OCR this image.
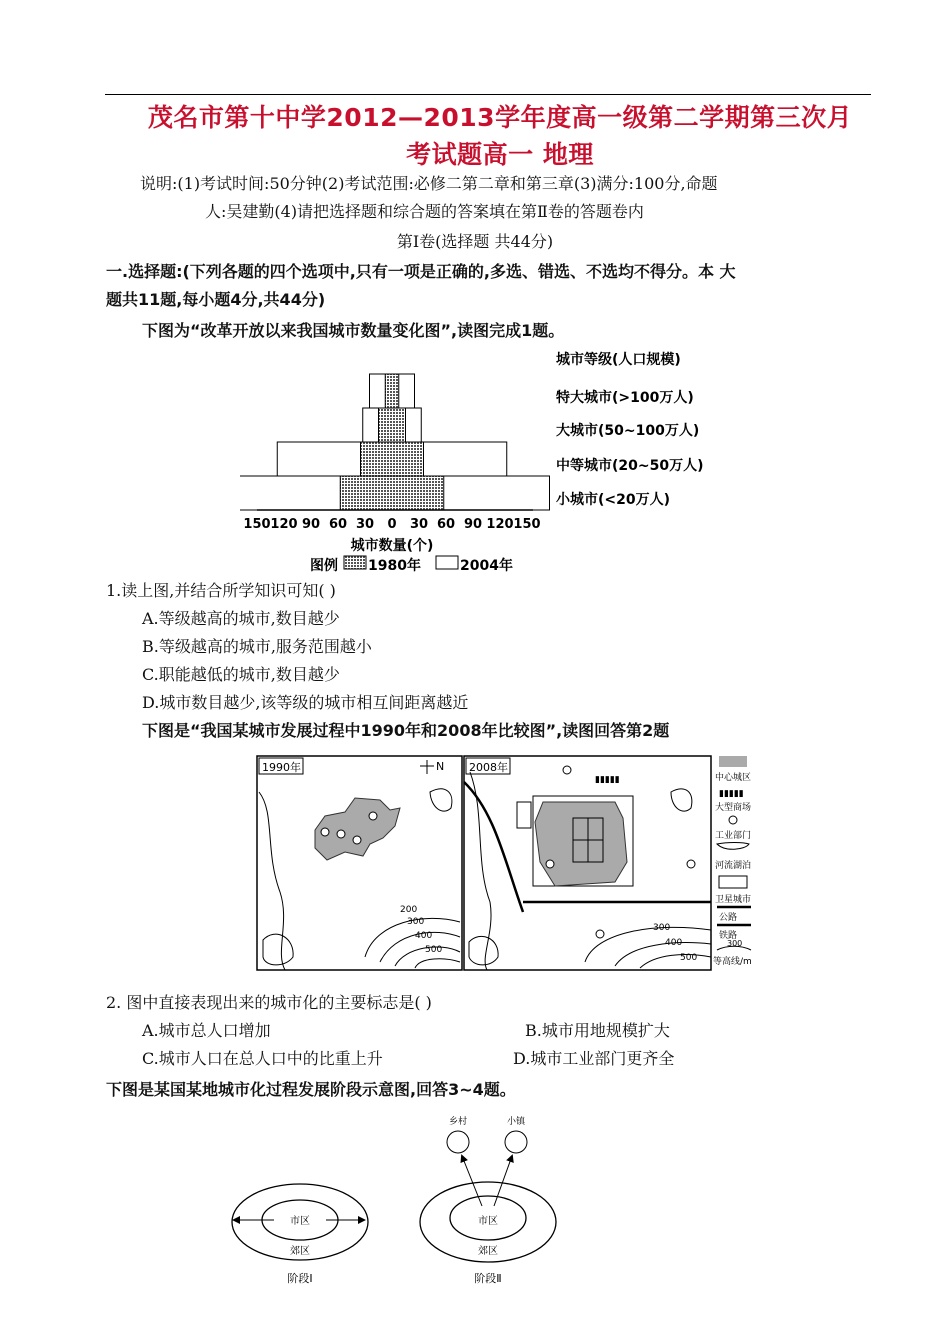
茂名市第十中学2012—2013学年度高一级第二学期第三次月
考试题高一 地理
说明:(1)考试时间:50分钟(2)考试范围:必修二第二章和第三章(3)满分:100分,命题
人:吴建勤(4)请把选择题和综合题的答案填在第Ⅱ卷的答题卷内
第Ⅰ卷(选择题 共44分)
一.选择题:(下列各题的四个选项中,只有一项是正确的,多选、错选、不选均不得分。本 大
题共11题,每小题4分,共44分)
下图为“改革开放以来我国城市数量变化图”,读图完成1题。
150 120 90 60 30 0 30 60 90 120 150
城市数量(个)
图例 1980年	2004年
城市等级(人口规模)
特大城市(>100万人)
大城市(50~100万人)
中等城市(20~50万人)
小城市(<20万人)
1.读上图,并结合所学知识可知( )
A.等级越高的城市,数目越少
B.等级越高的城市,服务范围越小
C.职能越低的城市,数目越少
D.城市数目越少,该等级的城市相互间距离越近
下图是“我国某城市发展过程中1990年和2008年比较图”,读图回答第2题
1990年	N
200
300
400
500
2008年
▮▮▮▮▮
300
400
500
中心城区
▮▮▮▮▮
大型商场
工业部门
河流湖泊
卫星城市
公路
铁路
300
等高线/m
2. 图中直接表现出来的城市化的主要标志是( )
A.城市总人口增加	B.城市用地规模扩大
C.城市人口在总人口中的比重上升	D.城市工业部门更齐全
下图是某国某地城市化过程发展阶段示意图,回答3~4题。
市区
郊区
阶段Ⅰ
乡村	小镇
市区
郊区
阶段Ⅱ
